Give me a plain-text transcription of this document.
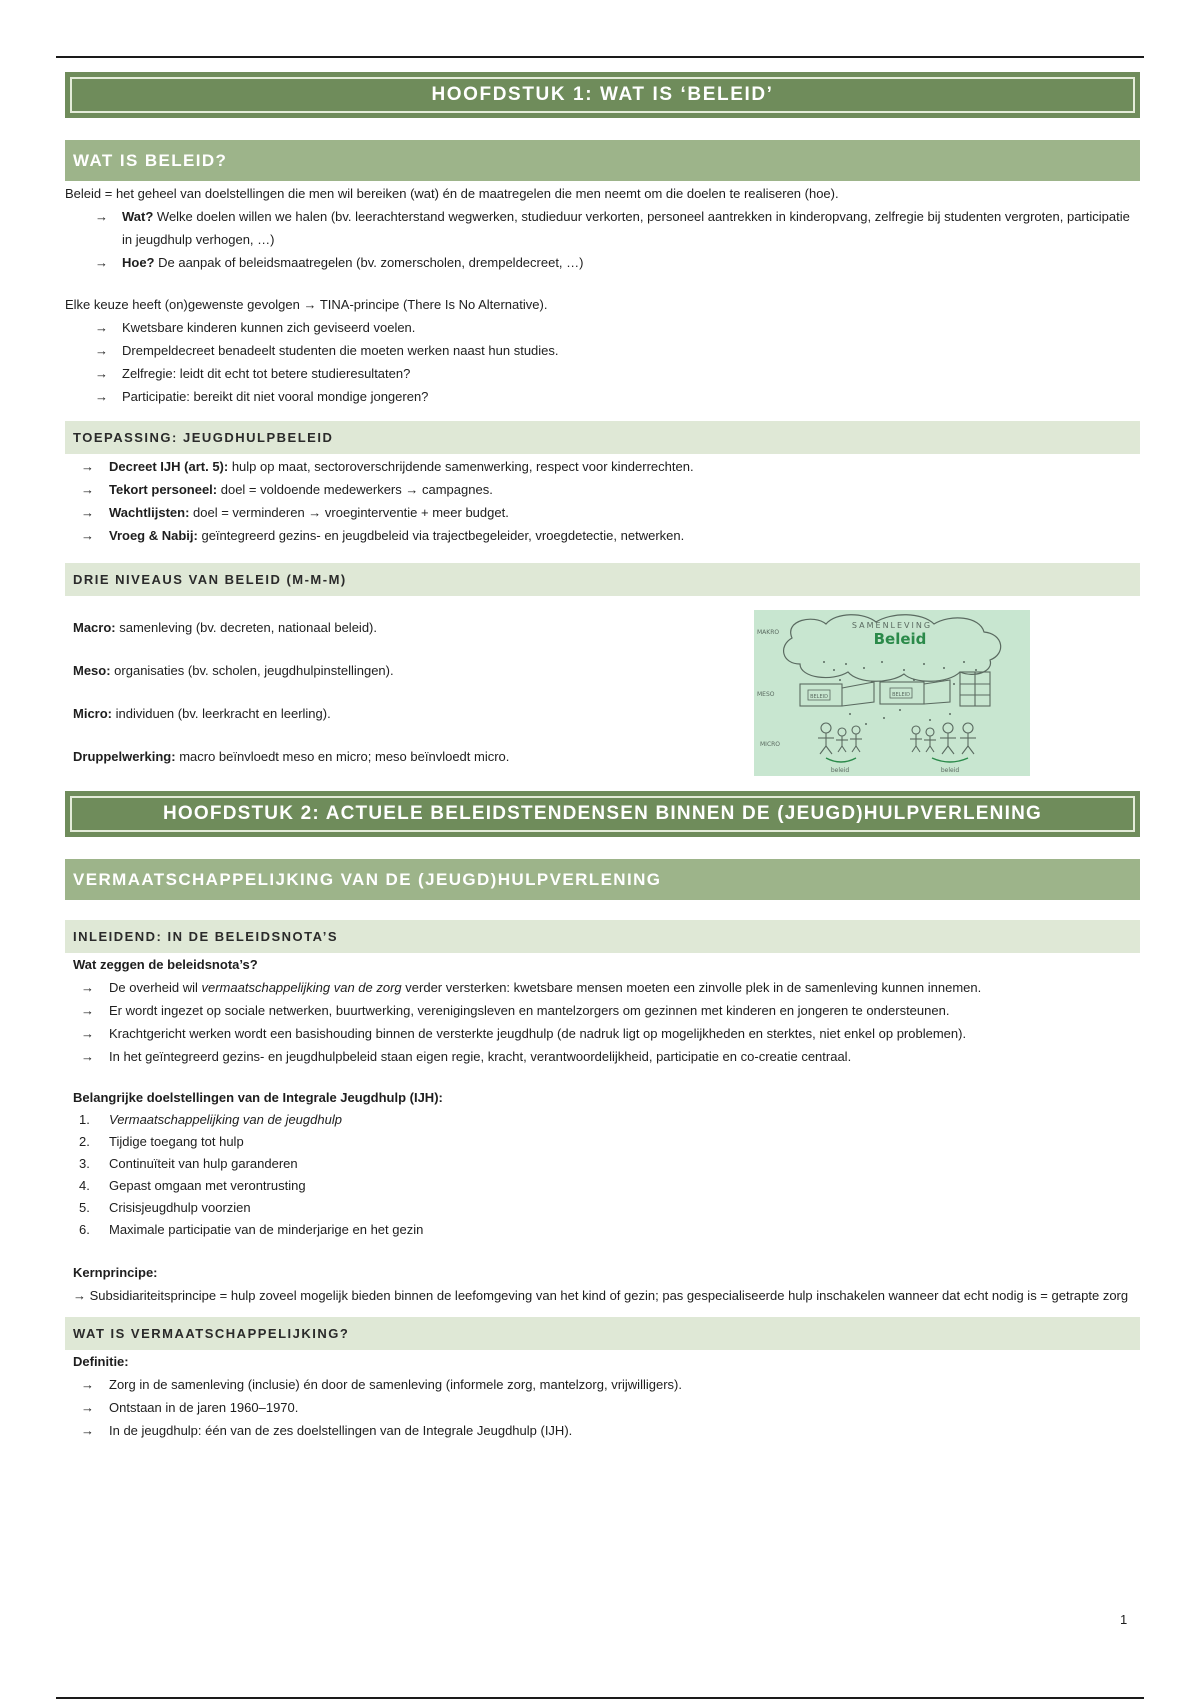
HOOFDSTUK 1: WAT IS ‘BELEID’
WAT IS BELEID?

Beleid = het geheel van doelstellingen die men wil bereiken (wat) én de maatregelen die men neemt om die doelen te realiseren (hoe).

→ Wat? Welke doelen willen we halen (bv. leerachterstand wegwerken, studieduur verkorten, personeel aantrekken in kinderopvang, zelfregie bij studenten vergroten, participatie in jeugdhulp verhogen, …)
→ Hoe? De aanpak of beleidsmaatregelen (bv. zomerscholen, drempeldecreet, …)

Elke keuze heeft (on)gewenste gevolgen → TINA-principe (There Is No Alternative).

→ Kwetsbare kinderen kunnen zich geviseerd voelen.
→ Drempeldecreet benadeelt studenten die moeten werken naast hun studies.
→ Zelfregie: leidt dit echt tot betere studieresultaten?
→ Participatie: bereikt dit niet vooral mondige jongeren?
TOEPASSING: JEUGDHULPBELEID
→ Decreet IJH (art. 5): hulp op maat, sectoroverschrijdende samenwerking, respect voor kinderrechten.
→ Tekort personeel: doel = voldoende medewerkers → campagnes.
→ Wachtlijsten: doel = verminderen → vroeginterventie + meer budget.
→ Vroeg & Nabij: geïntegreerd gezins- en jeugdbeleid via trajectbegeleider, vroegdetectie, netwerken.
DRIE NIVEAUS VAN BELEID (M-M-M)

Macro: samenleving (bv. decreten, nationaal beleid).

Meso: organisaties (bv. scholen, jeugdhulpinstellingen).

Micro: individuen (bv. leerkracht en leerling).

Druppelwerking: macro beïnvloedt meso en micro; meso beïnvloedt micro.

SAMENLEVING
Beleid
MAKRO
MESO
MICRO
BELEID	BELEID
beleid	beleid
HOOFDSTUK 2: ACTUELE BELEIDSTENDENSEN BINNEN DE (JEUGD)HULPVERLENING
VERMAATSCHAPPELIJKING VAN DE (JEUGD)HULPVERLENING
INLEIDEND: IN DE BELEIDSNOTA’S

Wat zeggen de beleidsnota’s?

→ De overheid wil vermaatschappelijking van de zorg verder versterken: kwetsbare mensen moeten een zinvolle plek in de samenleving kunnen innemen.
→ Er wordt ingezet op sociale netwerken, buurtwerking, verenigingsleven en mantelzorgers om gezinnen met kinderen en jongeren te ondersteunen.
→ Krachtgericht werken wordt een basishouding binnen de versterkte jeugdhulp (de nadruk ligt op mogelijkheden en sterktes, niet enkel op problemen).
→ In het geïntegreerd gezins- en jeugdhulpbeleid staan eigen regie, kracht, verantwoordelijkheid, participatie en co-creatie centraal.

Belangrijke doelstellingen van de Integrale Jeugdhulp (IJH):

1. Vermaatschappelijking van de jeugdhulp
2. Tijdige toegang tot hulp
3. Continuïteit van hulp garanderen
4. Gepast omgaan met verontrusting
5. Crisisjeugdhulp voorzien
6. Maximale participatie van de minderjarige en het gezin

Kernprincipe:

→ Subsidiariteitsprincipe = hulp zoveel mogelijk bieden binnen de leefomgeving van het kind of gezin; pas gespecialiseerde hulp inschakelen wanneer dat echt nodig is = getrapte zorg

WAT IS VERMAATSCHAPPELIJKING?

Definitie:

→ Zorg in de samenleving (inclusie) én door de samenleving (informele zorg, mantelzorg, vrijwilligers).
→ Ontstaan in de jaren 1960–1970.
→ In de jeugdhulp: één van de zes doelstellingen van de Integrale Jeugdhulp (IJH).
1
